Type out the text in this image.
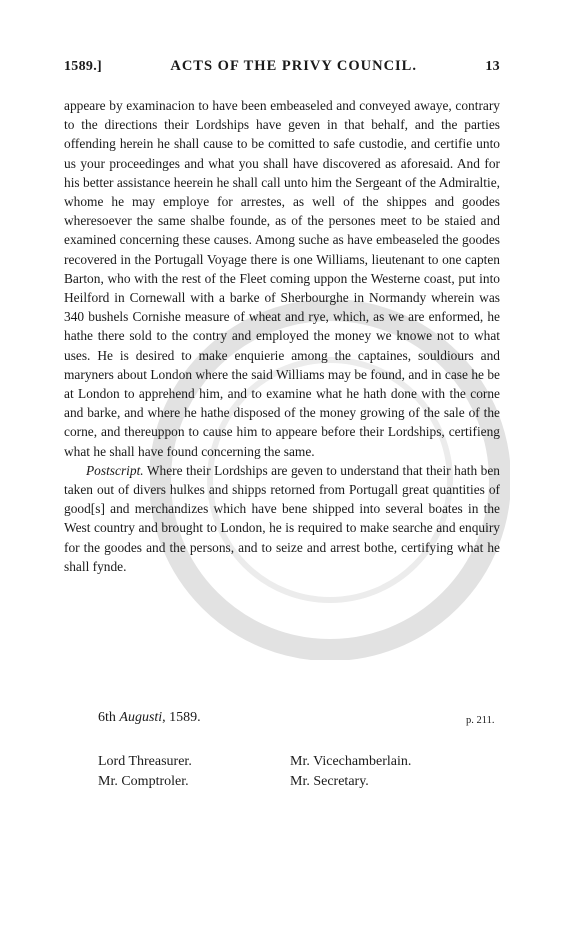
1589.]	ACTS OF THE PRIVY COUNCIL.	13

appeare by examinacion to have been embeaseled and conveyed awaye, contrary to the directions their Lordships have geven in that behalf, and the parties offending herein he shall cause to be comitted to safe custodie, and certifie unto us your proceedinges and what you shall have discovered as aforesaid. And for his better assistance heerein he shall call unto him the Sergeant of the Admiraltie, whome he may employe for arrestes, as well of the shippes and goodes wheresoever the same shalbe founde, as of the persones meet to be staied and examined concerning these causes. Among suche as have embeaseled the goodes recovered in the Portugall Voyage there is one Williams, lieutenant to one capten Barton, who with the rest of the Fleet coming uppon the Westerne coast, put into Heilford in Cornewall with a barke of Sherbourghe in Normandy wherein was 340 bushels Cornishe measure of wheat and rye, which, as we are enformed, he hathe there sold to the contry and employed the money we knowe not to what uses. He is desired to make enquierie among the captaines, souldiours and maryners about London where the said Williams may be found, and in case he be at London to apprehend him, and to examine what he hath done with the corne and barke, and where he hathe disposed of the money growing of the sale of the corne, and thereuppon to cause him to appeare before their Lordships, certifieng what he shall have found concerning the same.

Postscript. Where their Lordships are geven to understand that their hath ben taken out of divers hulkes and shipps retorned from Portugall great quantities of good[s] and merchandizes which have bene shipped into several boates in the West country and brought to London, he is required to make searche and enquiry for the goodes and the persons, and to seize and arrest bothe, certifying what he shall fynde.

6th Augusti, 1589.	p. 211.
Lord Threasurer.	Mr. Vicechamberlain.
Mr. Comptroler.	Mr. Secretary.
